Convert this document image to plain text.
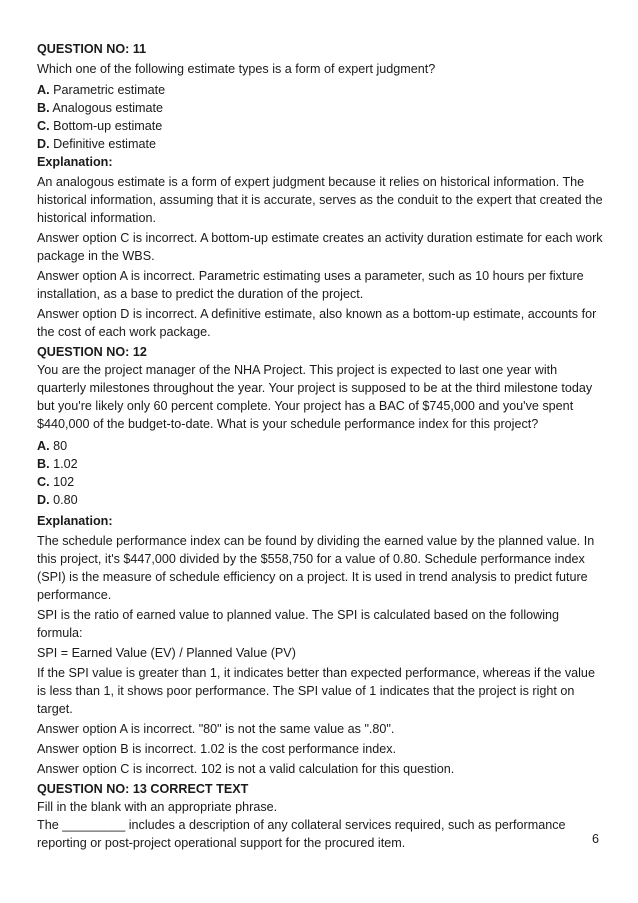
QUESTION NO: 11

Which one of the following estimate types is a form of expert judgment?

A. Parametric estimate

B. Analogous estimate

C. Bottom-up estimate

D. Definitive estimate

Explanation:

An analogous estimate is a form of expert judgment because it relies on historical information. The historical information, assuming that it is accurate, serves as the conduit to the expert that created the historical information.

Answer option C is incorrect. A bottom-up estimate creates an activity duration estimate for each work package in the WBS.

Answer option A is incorrect. Parametric estimating uses a parameter, such as 10 hours per fixture installation, as a base to predict the duration of the project.

Answer option D is incorrect. A definitive estimate, also known as a bottom-up estimate, accounts for the cost of each work package.

QUESTION NO: 12

You are the project manager of the NHA Project. This project is expected to last one year with quarterly milestones throughout the year. Your project is supposed to be at the third milestone today but you're likely only 60 percent complete. Your project has a BAC of $745,000 and you've spent $440,000 of the budget-to-date. What is your schedule performance index for this project?

A. 80

B. 1.02

C. 102

D. 0.80

Explanation:

The schedule performance index can be found by dividing the earned value by the planned value. In this project, it's $447,000 divided by the $558,750 for a value of 0.80. Schedule performance index (SPI) is the measure of schedule efficiency on a project. It is used in trend analysis to predict future performance.

SPI is the ratio of earned value to planned value. The SPI is calculated based on the following formula:

SPI = Earned Value (EV) / Planned Value (PV)

If the SPI value is greater than 1, it indicates better than expected performance, whereas if the value is less than 1, it shows poor performance. The SPI value of 1 indicates that the project is right on target.

Answer option A is incorrect. "80" is not the same value as ".80".

Answer option B is incorrect. 1.02 is the cost performance index.

Answer option C is incorrect. 102 is not a valid calculation for this question.

QUESTION NO: 13 CORRECT TEXT

Fill in the blank with an appropriate phrase.

The _________ includes a description of any collateral services required, such as performance reporting or post-project operational support for the procured item.	6
